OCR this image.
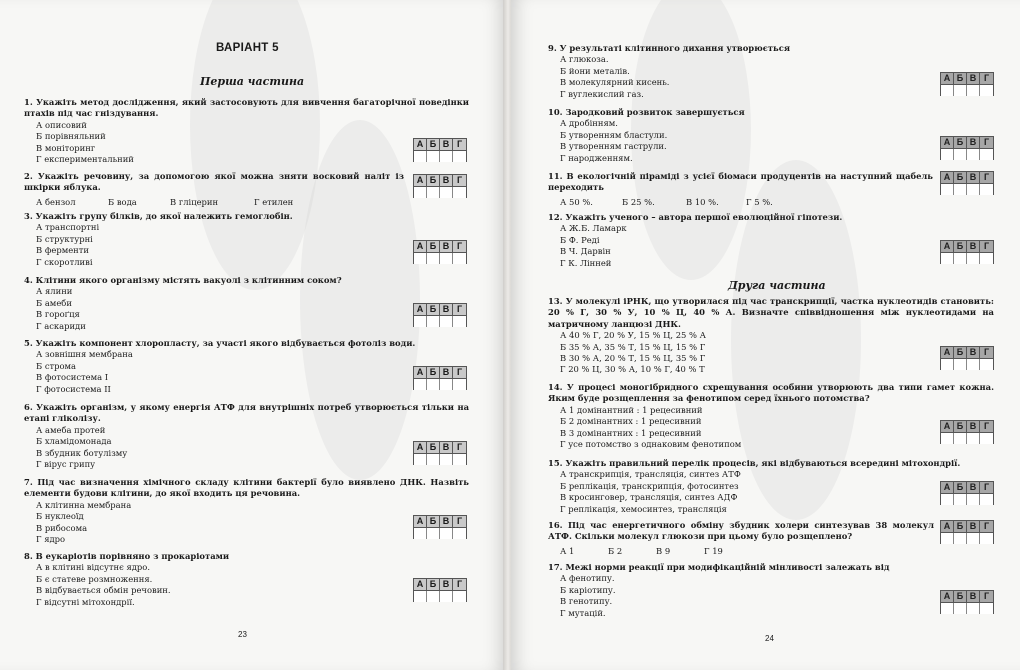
ВАРІАНТ 5
Перша частина
1. Укажіть метод дослідження, який застосовують для вивчення багаторічної поведінки птахів під час гніздування.
А описовий
Б порівняльний
В моніторинг
Г експериментальний
А Б В Г
2. Укажіть речовину, за допомогою якої можна зняти восковий наліт із шкірки яблука.
А бензол	Б вода	В гліцерин	Г етилен
А Б В Г
3. Укажіть групу білків, до якої належить гемоглобін.
А транспортні
Б структурні
В ферменти
Г скоротливі
А Б В Г
4. Клітини якого організму містять вакуолі з клітинним соком?
А ялини
Б амеби
В гороґця
Г аскариди
А Б В Г
5. Укажіть компонент хлоропласту, за участі якого відбувається фотоліз води.
А зовнішня мембрана
Б строма
В фотосистема І
Г фотосистема ІІ
А Б В Г
6. Укажіть організм, у якому енергія АТФ для внутрішніх потреб утворюється тільки на етапі гліколізу.
А амеба протей
Б хламідомонада
В збудник ботулізму
Г вірус грипу
А Б В Г
7. Під час визначення хімічного складу клітини бактерії було виявлено ДНК. Назвіть елементи будови клітини, до якої входить ця речовина.
А клітинна мембрана
Б нуклеоїд
В рибосома
Г ядро
А Б В Г
8. В еукаріотів порівняно з прокаріотами
А в клітині відсутнє ядро.
Б є статеве розмноження.
В відбувається обмін речовин.
Г відсутні мітохондрії.
А Б В Г
23
9. У результаті клітинного дихання утворюється
А глюкоза.
Б йони металів.
В молекулярний кисень.
Г вуглекислий газ.
А Б В Г
10. Зародковий розвиток завершується
А дробінням.
Б утворенням бластули.
В утворенням гаструли.
Г народженням.
А Б В Г
11. В екологічній піраміді з усієї біомаси продуцентів на наступний щабель переходить
А 50 %.	Б 25 %.	В 10 %.	Г 5 %.
А Б В Г
12. Укажіть ученого – автора першої еволюційної гіпотези.
А Ж.Б. Ламарк
Б Ф. Реді
В Ч. Дарвін
Г К. Лінней
А Б В Г
Друга частина
13. У молекулі іРНК, що утворилася під час транскрипції, частка нуклеотидів становить: 20 % Г, 30 % У, 10 % Ц, 40 % А. Визначте співвідношення між нуклеотидами на матричному ланцюзі ДНК.
А 40 % Г, 20 % У, 15 % Ц, 25 % А
Б 35 % А, 35 % Т, 15 % Ц, 15 % Г
В 30 % А, 20 % Т, 15 % Ц, 35 % Г
Г 20 % Ц, 30 % А, 10 % Г, 40 % Т
А Б В Г
14. У процесі моногібридного схрещування особини утворюють два типи гамет кожна. Яким буде розщеплення за фенотипом серед їхнього потомства?
А 1 домінантний : 1 рецесивний
Б 2 домінантних : 1 рецесивний
В 3 домінантних : 1 рецесивний
Г усе потомство з однаковим фенотипом
А Б В Г
15. Укажіть правильний перелік процесів, які відбуваються всередині мітохондрії.
А транскрипція, трансляція, синтез АТФ
Б реплікація, транскрипція, фотосинтез
В кросинговер, трансляція, синтез АДФ
Г реплікація, хемосинтез, трансляція
А Б В Г
16. Під час енергетичного обміну збудник холери синтезував 38 молекул АТФ. Скільки молекул глюкози при цьому було розщеплено?
А 1	Б 2	В 9	Г 19
А Б В Г
17. Межі норми реакції при модифікаційній мінливості залежать від
А фенотипу.
Б каріотипу.
В генотипу.
Г мутацій.
А Б В Г
24
